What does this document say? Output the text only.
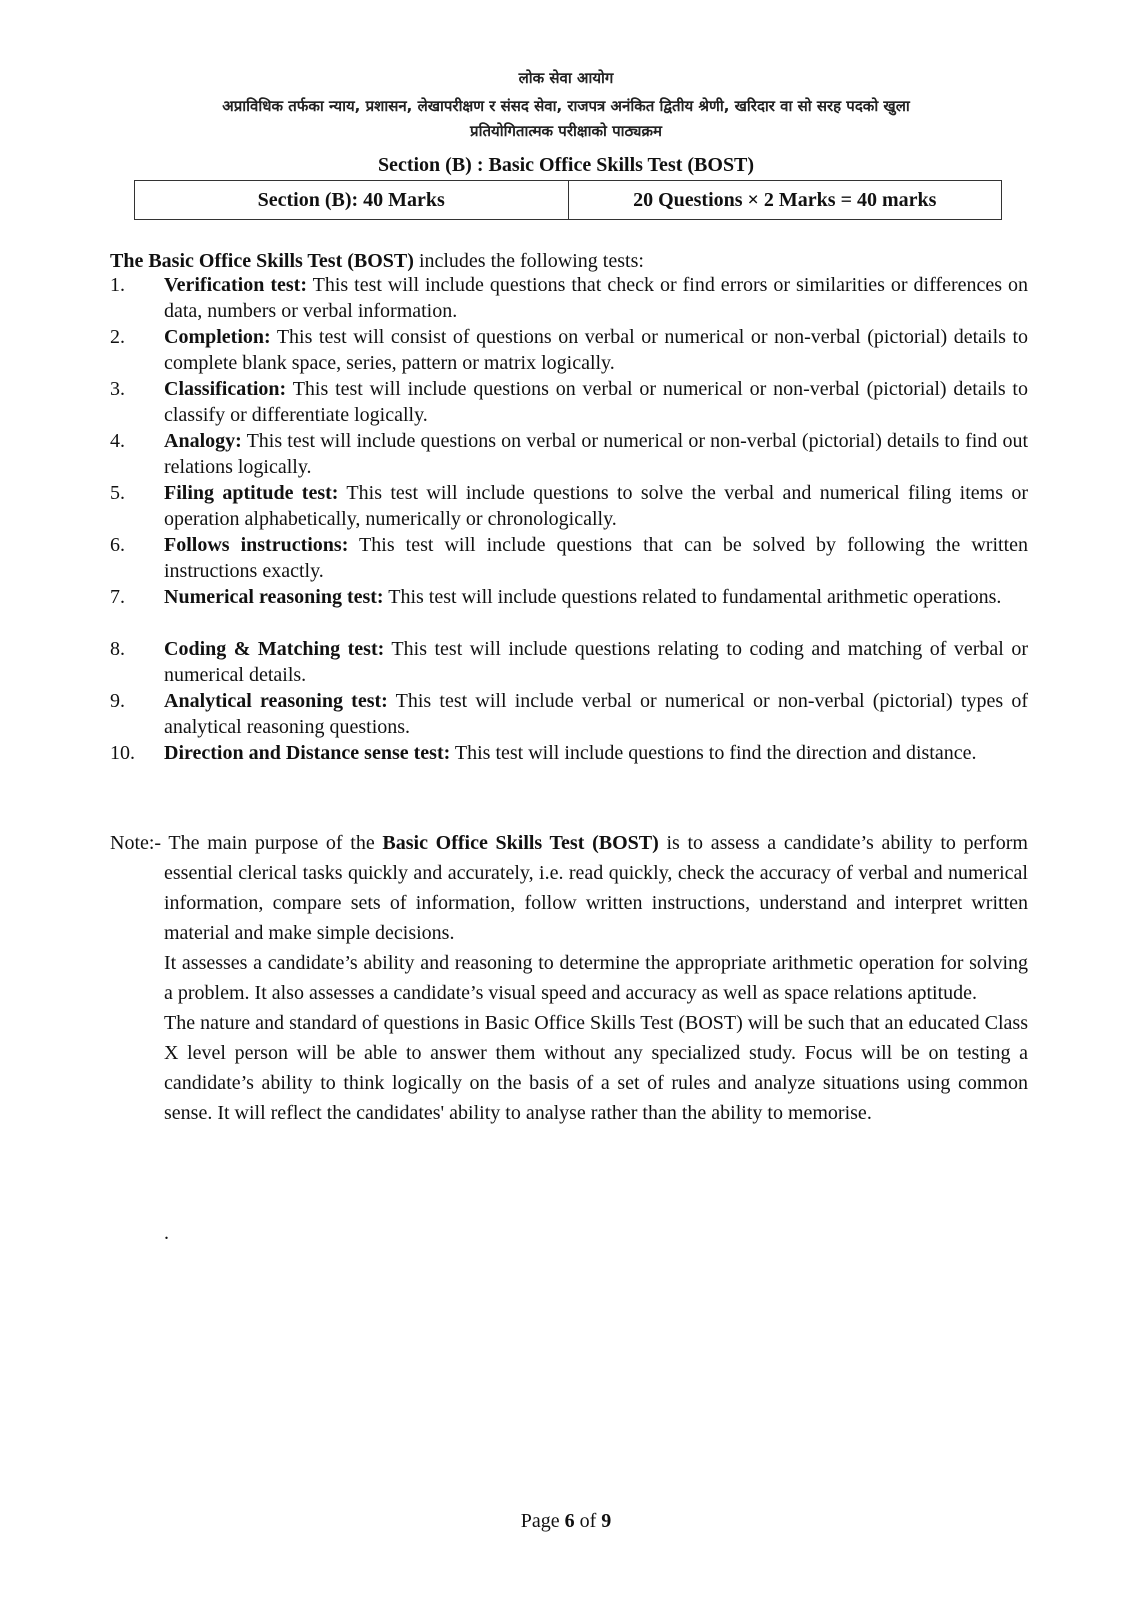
लोक सेवा आयोग
अप्राविधिक तर्फका न्याय, प्रशासन, लेखापरीक्षण र संसद सेवा, राजपत्र अनंकित द्वितीय श्रेणी, खरिदार वा सो सरह पदको खुला
प्रतियोगितात्मक परीक्षाको पाठ्यक्रम
Section (B) : Basic Office Skills Test (BOST)
Section (B): 40 Marks	20 Questions × 2 Marks = 40 marks
The Basic Office Skills Test (BOST) includes the following tests:
1.	Verification test: This test will include questions that check or find errors or similarities or differences on data, numbers or verbal information.
2.	Completion: This test will consist of questions on verbal or numerical or non-verbal (pictorial) details to complete blank space, series, pattern or matrix logically.
3.	Classification: This test will include questions on verbal or numerical or non-verbal (pictorial) details to classify or differentiate logically.
4.	Analogy: This test will include questions on verbal or numerical or non-verbal (pictorial) details to find out relations logically.
5.	Filing aptitude test: This test will include questions to solve the verbal and numerical filing items or operation alphabetically, numerically or chronologically.
6.	Follows instructions: This test will include questions that can be solved by following the written instructions exactly.
7.	Numerical reasoning test: This test will include questions related to fundamental arithmetic operations.
8.	Coding & Matching test: This test will include questions relating to coding and matching of verbal or numerical details.
9.	Analytical reasoning test: This test will include verbal or numerical or non-verbal (pictorial) types of analytical reasoning questions.
10.	Direction and Distance sense test: This test will include questions to find the direction and distance.
Note:- The main purpose of the Basic Office Skills Test (BOST) is to assess a candidate’s ability to perform essential clerical tasks quickly and accurately, i.e. read quickly, check the accuracy of verbal and numerical information, compare sets of information, follow written instructions, understand and interpret written material and make simple decisions.
It assesses a candidate’s ability and reasoning to determine the appropriate arithmetic operation for solving a problem. It also assesses a candidate’s visual speed and accuracy as well as space relations aptitude.
The nature and standard of questions in Basic Office Skills Test (BOST) will be such that an educated Class X level person will be able to answer them without any specialized study. Focus will be on testing a candidate’s ability to think logically on the basis of a set of rules and analyze situations using common sense. It will reflect the candidates' ability to analyse rather than the ability to memorise.
.
Page 6 of 9
